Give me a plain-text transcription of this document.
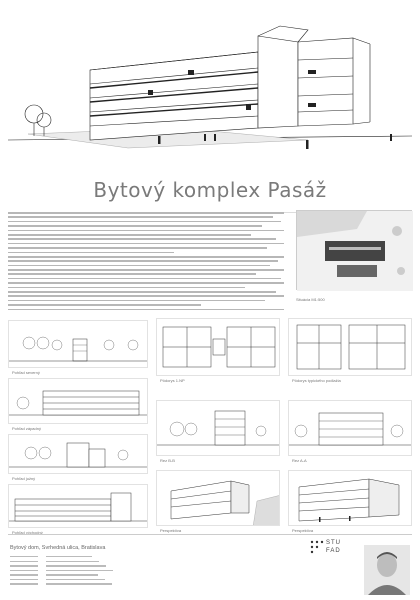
Bytový komplex Pasáž
Situácia M1:500
Pohľad severný
Pohľad západný
Pohľad južný
Pohľad východný
Pôdorys 1.NP	Pôdorys typického podlažia
Rez B-B	Rez A-A
Perspektíva	Perspektíva
Bytový dom, Svrhedná ulica, Bratislava
STU
FAD
